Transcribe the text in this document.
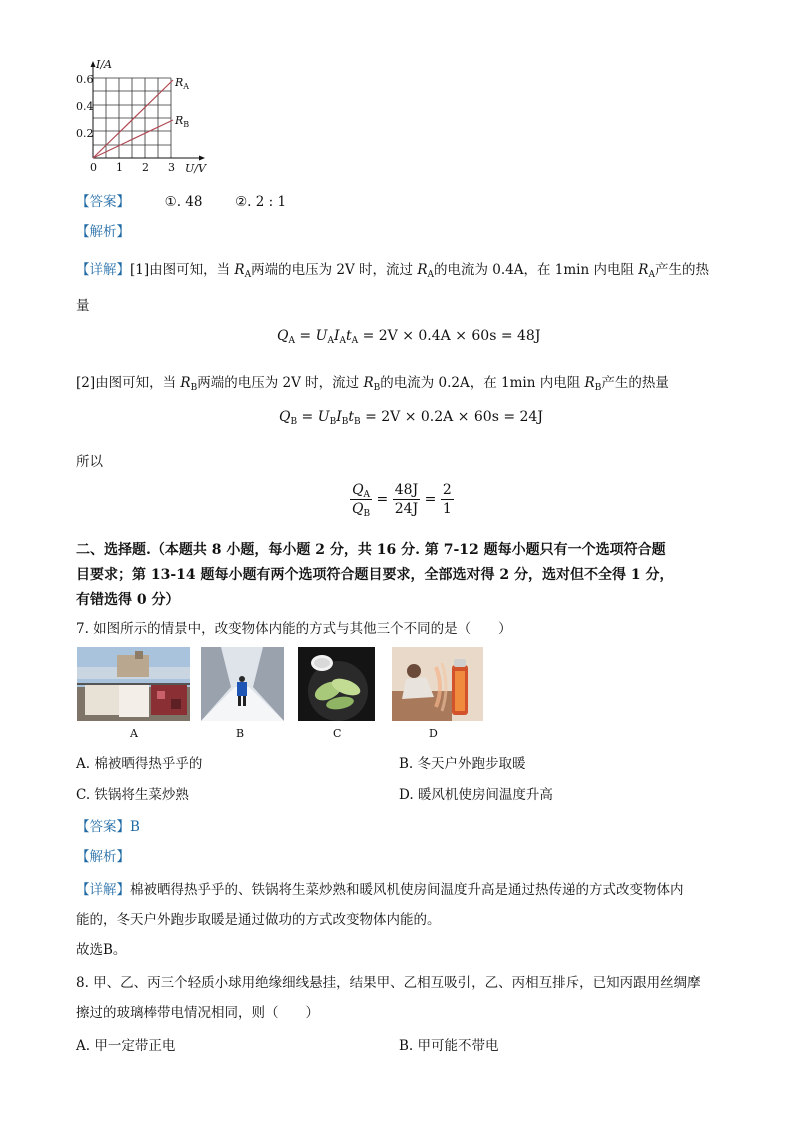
I/A
0.6
0.4
0.2
0 1 2 3 U/V
$R_A$
$R_B$
【答案】	①. 48 ②. 2 : 1
【解析】
【详解】[1]由图可知，当 $R_A$两端的电压为 2V 时，流过 $R_A$的电流为 0.4A，在 1min 内电阻 $R_A$产生的热
量
$Q_A = U_AI_At_A = 2V \times 0.4A \times 60s = 48J$
[2]由图可知，当 $R_B$两端的电压为 2V 时，流过 $R_B$的电流为 0.2A，在 1min 内电阻 $R_B$产生的热量
$Q_B = U_BI_Bt_B = 2V \times 0.2A \times 60s = 24J$
所以
$\frac{Q_A}{Q_B} = \frac{48J}{24J} = \frac{2}{1}$
二、选择题.（本题共 8 小题，每小题 2 分，共 16 分. 第 7-12 题每小题只有一个选项符合题
目要求；第 13-14 题每小题有两个选项符合题目要求，全部选对得 2 分，选对但不全得 1 分，
有错选得 0 分）
7. 如图所示的情景中，改变物体内能的方式与其他三个不同的是（　　）
A	B	C	D
A. 棉被晒得热乎乎的	B. 冬天户外跑步取暖
C. 铁锅将生菜炒熟	D. 暖风机使房间温度升高
【答案】B
【解析】
【详解】棉被晒得热乎乎的、铁锅将生菜炒熟和暖风机使房间温度升高是通过热传递的方式改变物体内
能的，冬天户外跑步取暖是通过做功的方式改变物体内能的。
故选B。
8. 甲、乙、丙三个轻质小球用绝缘细线悬挂，结果甲、乙相互吸引，乙、丙相互排斥，已知丙跟用丝绸摩
擦过的玻璃棒带电情况相同，则（　　）
A. 甲一定带正电	B. 甲可能不带电
